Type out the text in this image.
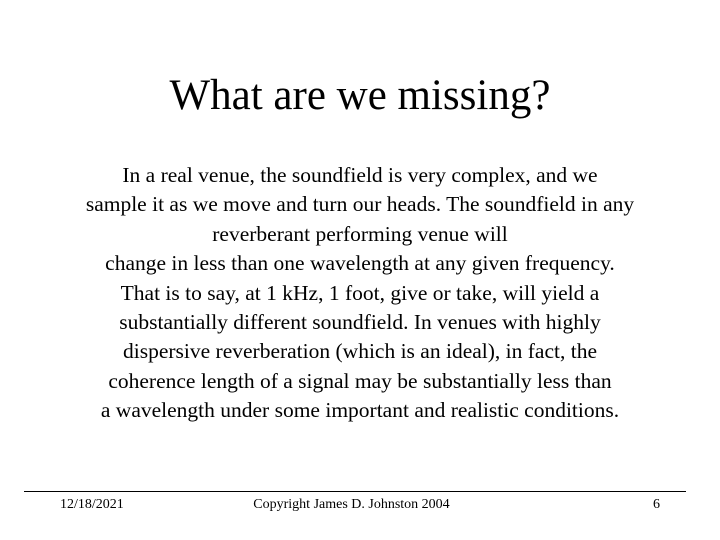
What are we missing?

In a real venue, the soundfield is very complex, and we
sample it as we move and turn our heads. The soundfield in any
reverberant performing venue will
change in less than one wavelength at any given frequency.
That is to say, at 1 kHz, 1 foot, give or take, will yield a
substantially different soundfield. In venues with highly
dispersive reverberation (which is an ideal), in fact, the
coherence length of a signal may be substantially less than
a wavelength under some important and realistic conditions.

12/18/2021	Copyright James D. Johnston 2004	6
